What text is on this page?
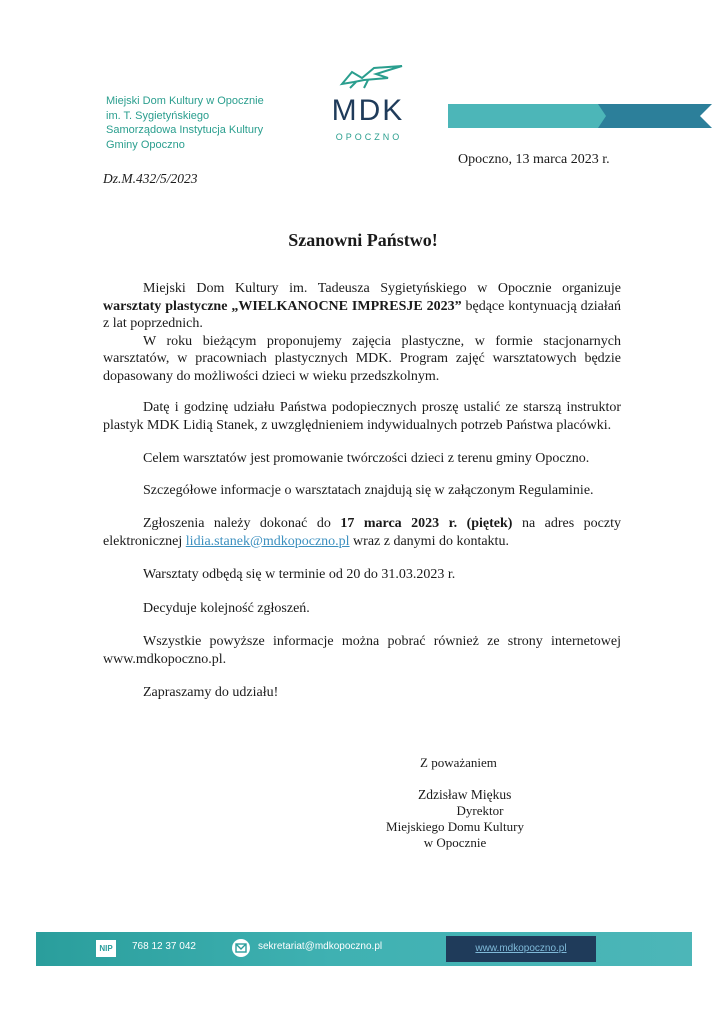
Miejski Dom Kultury w Opocznie
im. T. Sygietyńskiego
Samorządowa Instytucja Kultury
Gminy Opoczno
MDK
OPOCZNO
Dz.M.432/5/2023
Opoczno, 13 marca 2023 r.
Szanowni Państwo!

Miejski Dom Kultury im. Tadeusza Sygietyńskiego w Opocznie organizuje warsztaty plastyczne „WIELKANOCNE IMPRESJE 2023” będące kontynuacją działań z lat poprzednich.

W roku bieżącym proponujemy zajęcia plastyczne, w formie stacjonarnych warsztatów, w pracowniach plastycznych MDK. Program zajęć warsztatowych będzie dopasowany do możliwości dzieci w wieku przedszkolnym.

Datę i godzinę udziału Państwa podopiecznych proszę ustalić ze starszą instruktor plastyk MDK Lidią Stanek, z uwzględnieniem indywidualnych potrzeb Państwa placówki.

Celem warsztatów jest promowanie twórczości dzieci z terenu gminy Opoczno.

Szczegółowe informacje o warsztatach znajdują się w załączonym Regulaminie.

Zgłoszenia należy dokonać do 17 marca 2023 r. (piętek) na adres poczty elektronicznej lidia.stanek@mdkopoczno.pl wraz z danymi do kontaktu.

Warsztaty odbędą się w terminie od 20 do 31.03.2023 r.

Decyduje kolejność zgłoszeń.

Wszystkie powyższe informacje można pobrać również ze strony internetowej www.mdkopoczno.pl.

Zapraszamy do udziału!

Z poważaniem
Zdzisław Miękus
Dyrektor
Miejskiego Domu Kultury
w Opocznie
NIP	768 12 37 042	sekretariat@mdkopoczno.pl	www.mdkopoczno.pl
